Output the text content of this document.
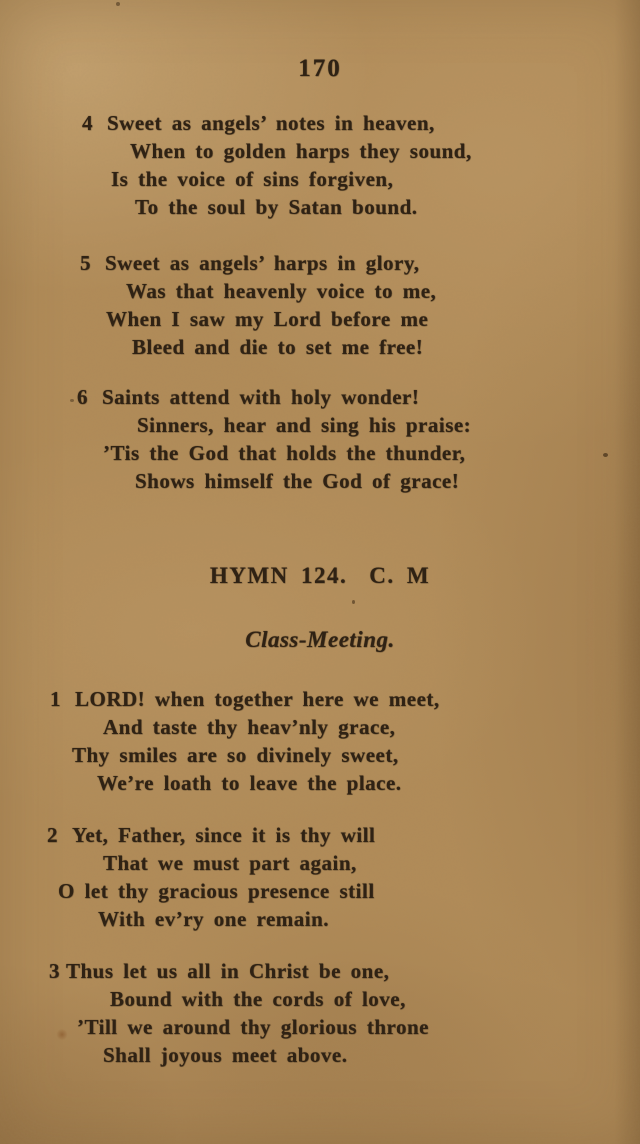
170
4 Sweet as angels’ notes in heaven,
When to golden harps they sound,
Is the voice of sins forgiven,
To the soul by Satan bound.
5 Sweet as angels’ harps in glory,
Was that heavenly voice to me,
When I saw my Lord before me
Bleed and die to set me free!
6 Saints attend with holy wonder!
Sinners, hear and sing his praise:
’Tis the God that holds the thunder,
Shows himself the God of grace!
HYMN 124. C. M
Class-Meeting.
1 LORD! when together here we meet,
And taste thy heav’nly grace,
Thy smiles are so divinely sweet,
We’re loath to leave the place.
2 Yet, Father, since it is thy will
That we must part again,
O let thy gracious presence still
With ev’ry one remain.
3 Thus let us all in Christ be one,
Bound with the cords of love,
’Till we around thy glorious throne
Shall joyous meet above.
